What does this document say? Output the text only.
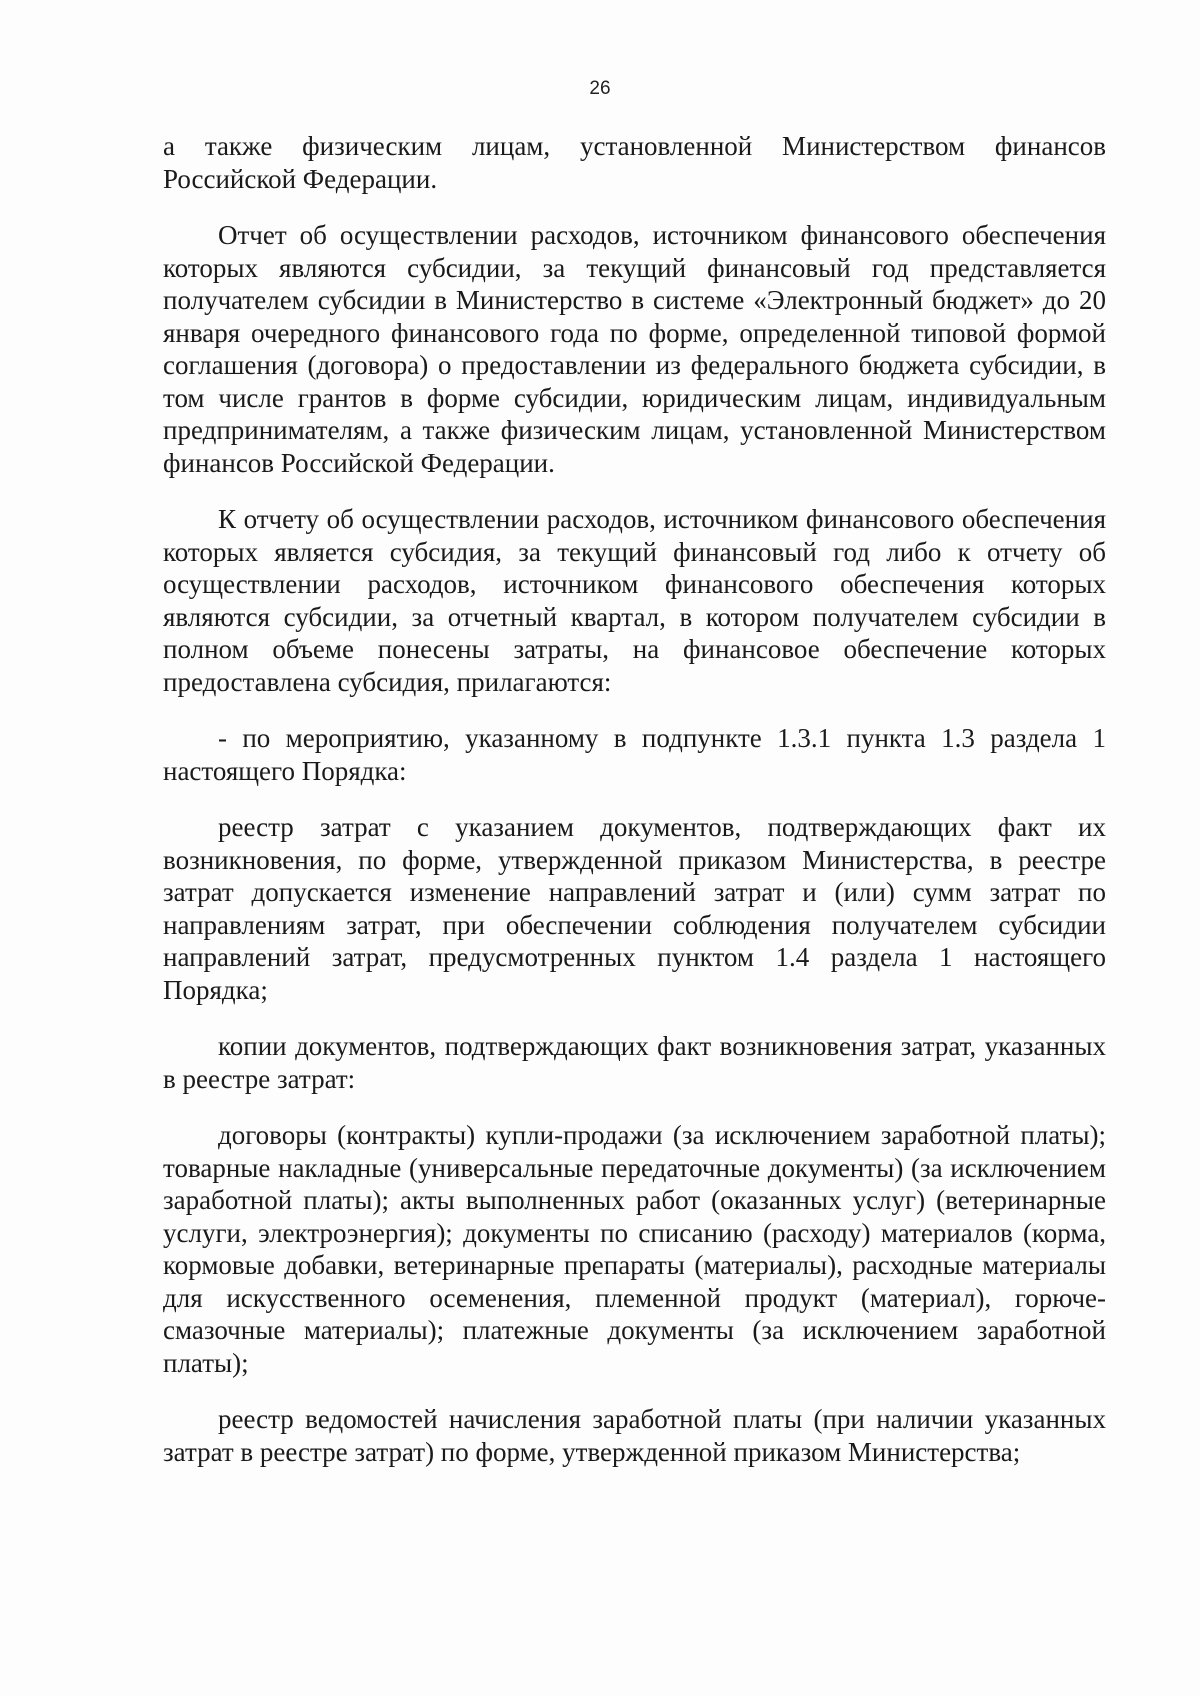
26

а также физическим лицам, установленной Министерством финансов Российской Федерации.

Отчет об осуществлении расходов, источником финансового обеспечения которых являются субсидии, за текущий финансовый год представляется получателем субсидии в Министерство в системе «Электронный бюджет» до 20 января очередного финансового года по форме, определенной типовой формой соглашения (договора) о предоставлении из федерального бюджета субсидии, в том числе грантов в форме субсидии, юридическим лицам, индивидуальным предпринимателям, а также физическим лицам, установленной Министерством финансов Российской Федерации.

К отчету об осуществлении расходов, источником финансового обеспечения которых является субсидия, за текущий финансовый год либо к отчету об осуществлении расходов, источником финансового обеспечения которых являются субсидии, за отчетный квартал, в котором получателем субсидии в полном объеме понесены затраты, на финансовое обеспечение которых предоставлена субсидия, прилагаются:

- по мероприятию, указанному в подпункте 1.3.1 пункта 1.3 раздела 1 настоящего Порядка:

реестр затрат с указанием документов, подтверждающих факт их возникновения, по форме, утвержденной приказом Министерства, в реестре затрат допускается изменение направлений затрат и (или) сумм затрат по направлениям затрат, при обеспечении соблюдения получателем субсидии направлений затрат, предусмотренных пунктом 1.4 раздела 1 настоящего Порядка;

копии документов, подтверждающих факт возникновения затрат, указанных в реестре затрат:

договоры (контракты) купли-продажи (за исключением заработной платы); товарные накладные (универсальные передаточные документы) (за исключением заработной платы); акты выполненных работ (оказанных услуг) (ветеринарные услуги, электроэнергия); документы по списанию (расходу) материалов (корма, кормовые добавки, ветеринарные препараты (материалы), расходные материалы для искусственного осеменения, племенной продукт (материал), горюче-смазочные материалы); платежные документы (за исключением заработной платы);

реестр ведомостей начисления заработной платы (при наличии указанных затрат в реестре затрат) по форме, утвержденной приказом Министерства;
